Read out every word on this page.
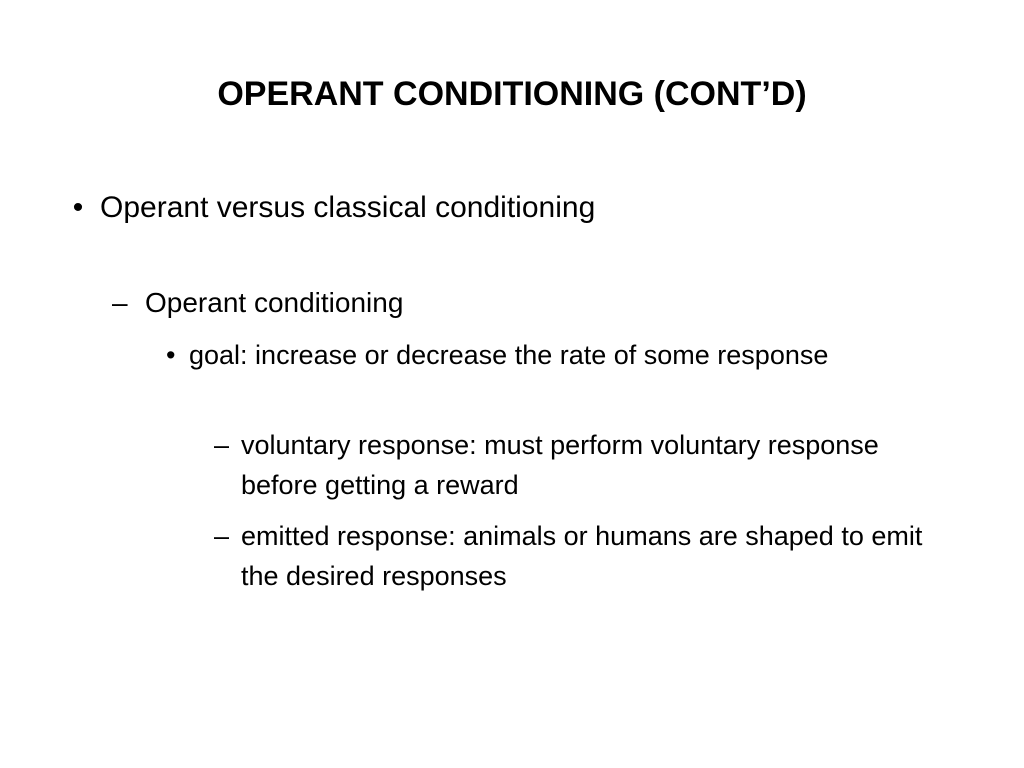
OPERANT CONDITIONING (CONT’D)
• Operant versus classical conditioning
– Operant conditioning
• goal: increase or decrease the rate of some response
– voluntary response: must perform voluntary response before getting a reward
– emitted response: animals or humans are shaped to emit the desired responses
